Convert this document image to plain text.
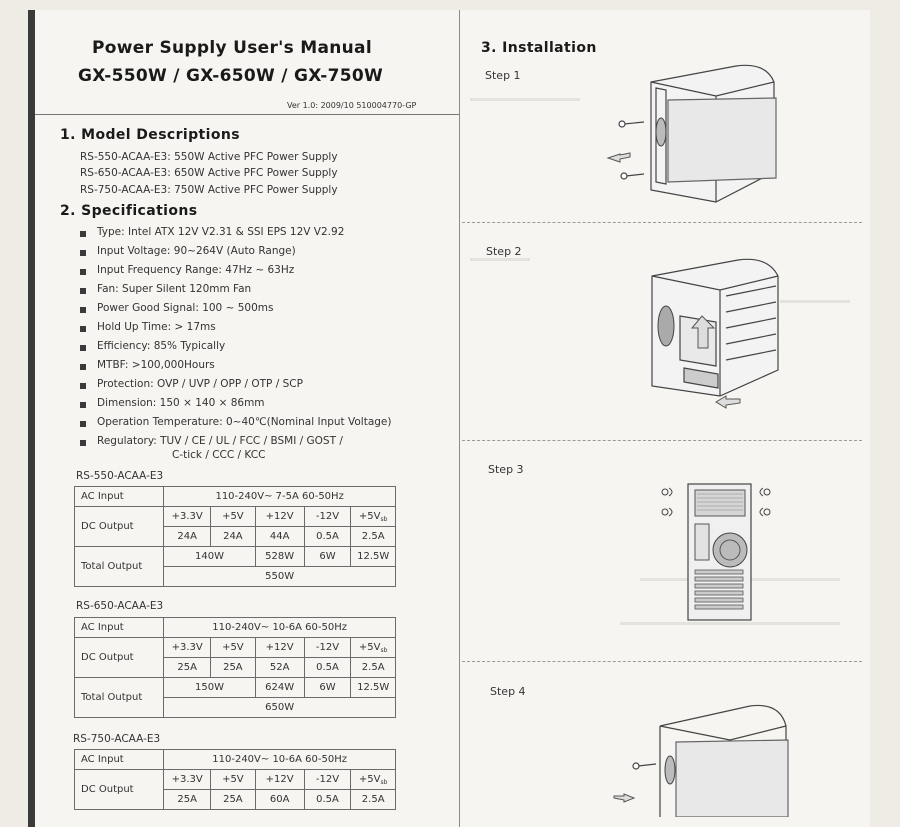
Power Supply User's Manual
GX-550W / GX-650W / GX-750W
Ver 1.0: 2009/10 510004770-GP
1. Model Descriptions
RS-550-ACAA-E3: 550W Active PFC Power Supply
RS-650-ACAA-E3: 650W Active PFC Power Supply
RS-750-ACAA-E3: 750W Active PFC Power Supply
2. Specifications
Type: Intel ATX 12V V2.31 & SSI EPS 12V V2.92
Input Voltage: 90~264V (Auto Range)
Input Frequency Range: 47Hz ~ 63Hz
Fan: Super Silent 120mm Fan
Power Good Signal: 100 ~ 500ms
Hold Up Time: > 17ms
Efficiency: 85% Typically
MTBF: >100,000Hours
Protection: OVP / UVP / OPP / OTP / SCP
Dimension: 150 × 140 × 86mm
Operation Temperature: 0~40℃(Nominal Input Voltage)
Regulatory: TUV / CE / UL / FCC / BSMI / GOST /
C-tick / CCC / KCC
RS-550-ACAA-E3
AC Input	110-240V~ 7-5A 60-50Hz				
DC Output	+3.3V	+5V	+12V	-12V	$+5V_{sb}$
	24A	24A	44A	0.5A	2.5A
Total Output	140W		528W	6W	12.5W
	550W				
RS-650-ACAA-E3
AC Input	110-240V~ 10-6A 60-50Hz				
DC Output	+3.3V	+5V	+12V	-12V	$+5V_{sb}$
	25A	25A	52A	0.5A	2.5A
Total Output	150W		624W	6W	12.5W
	650W				
RS-750-ACAA-E3
AC Input	110-240V~ 10-6A 60-50Hz				
DC Output	+3.3V	+5V	+12V	-12V	$+5V_{sb}$
	25A	25A	60A	0.5A	2.5A
3. Installation
Step 1
Step 2
Step 3
Step 4
